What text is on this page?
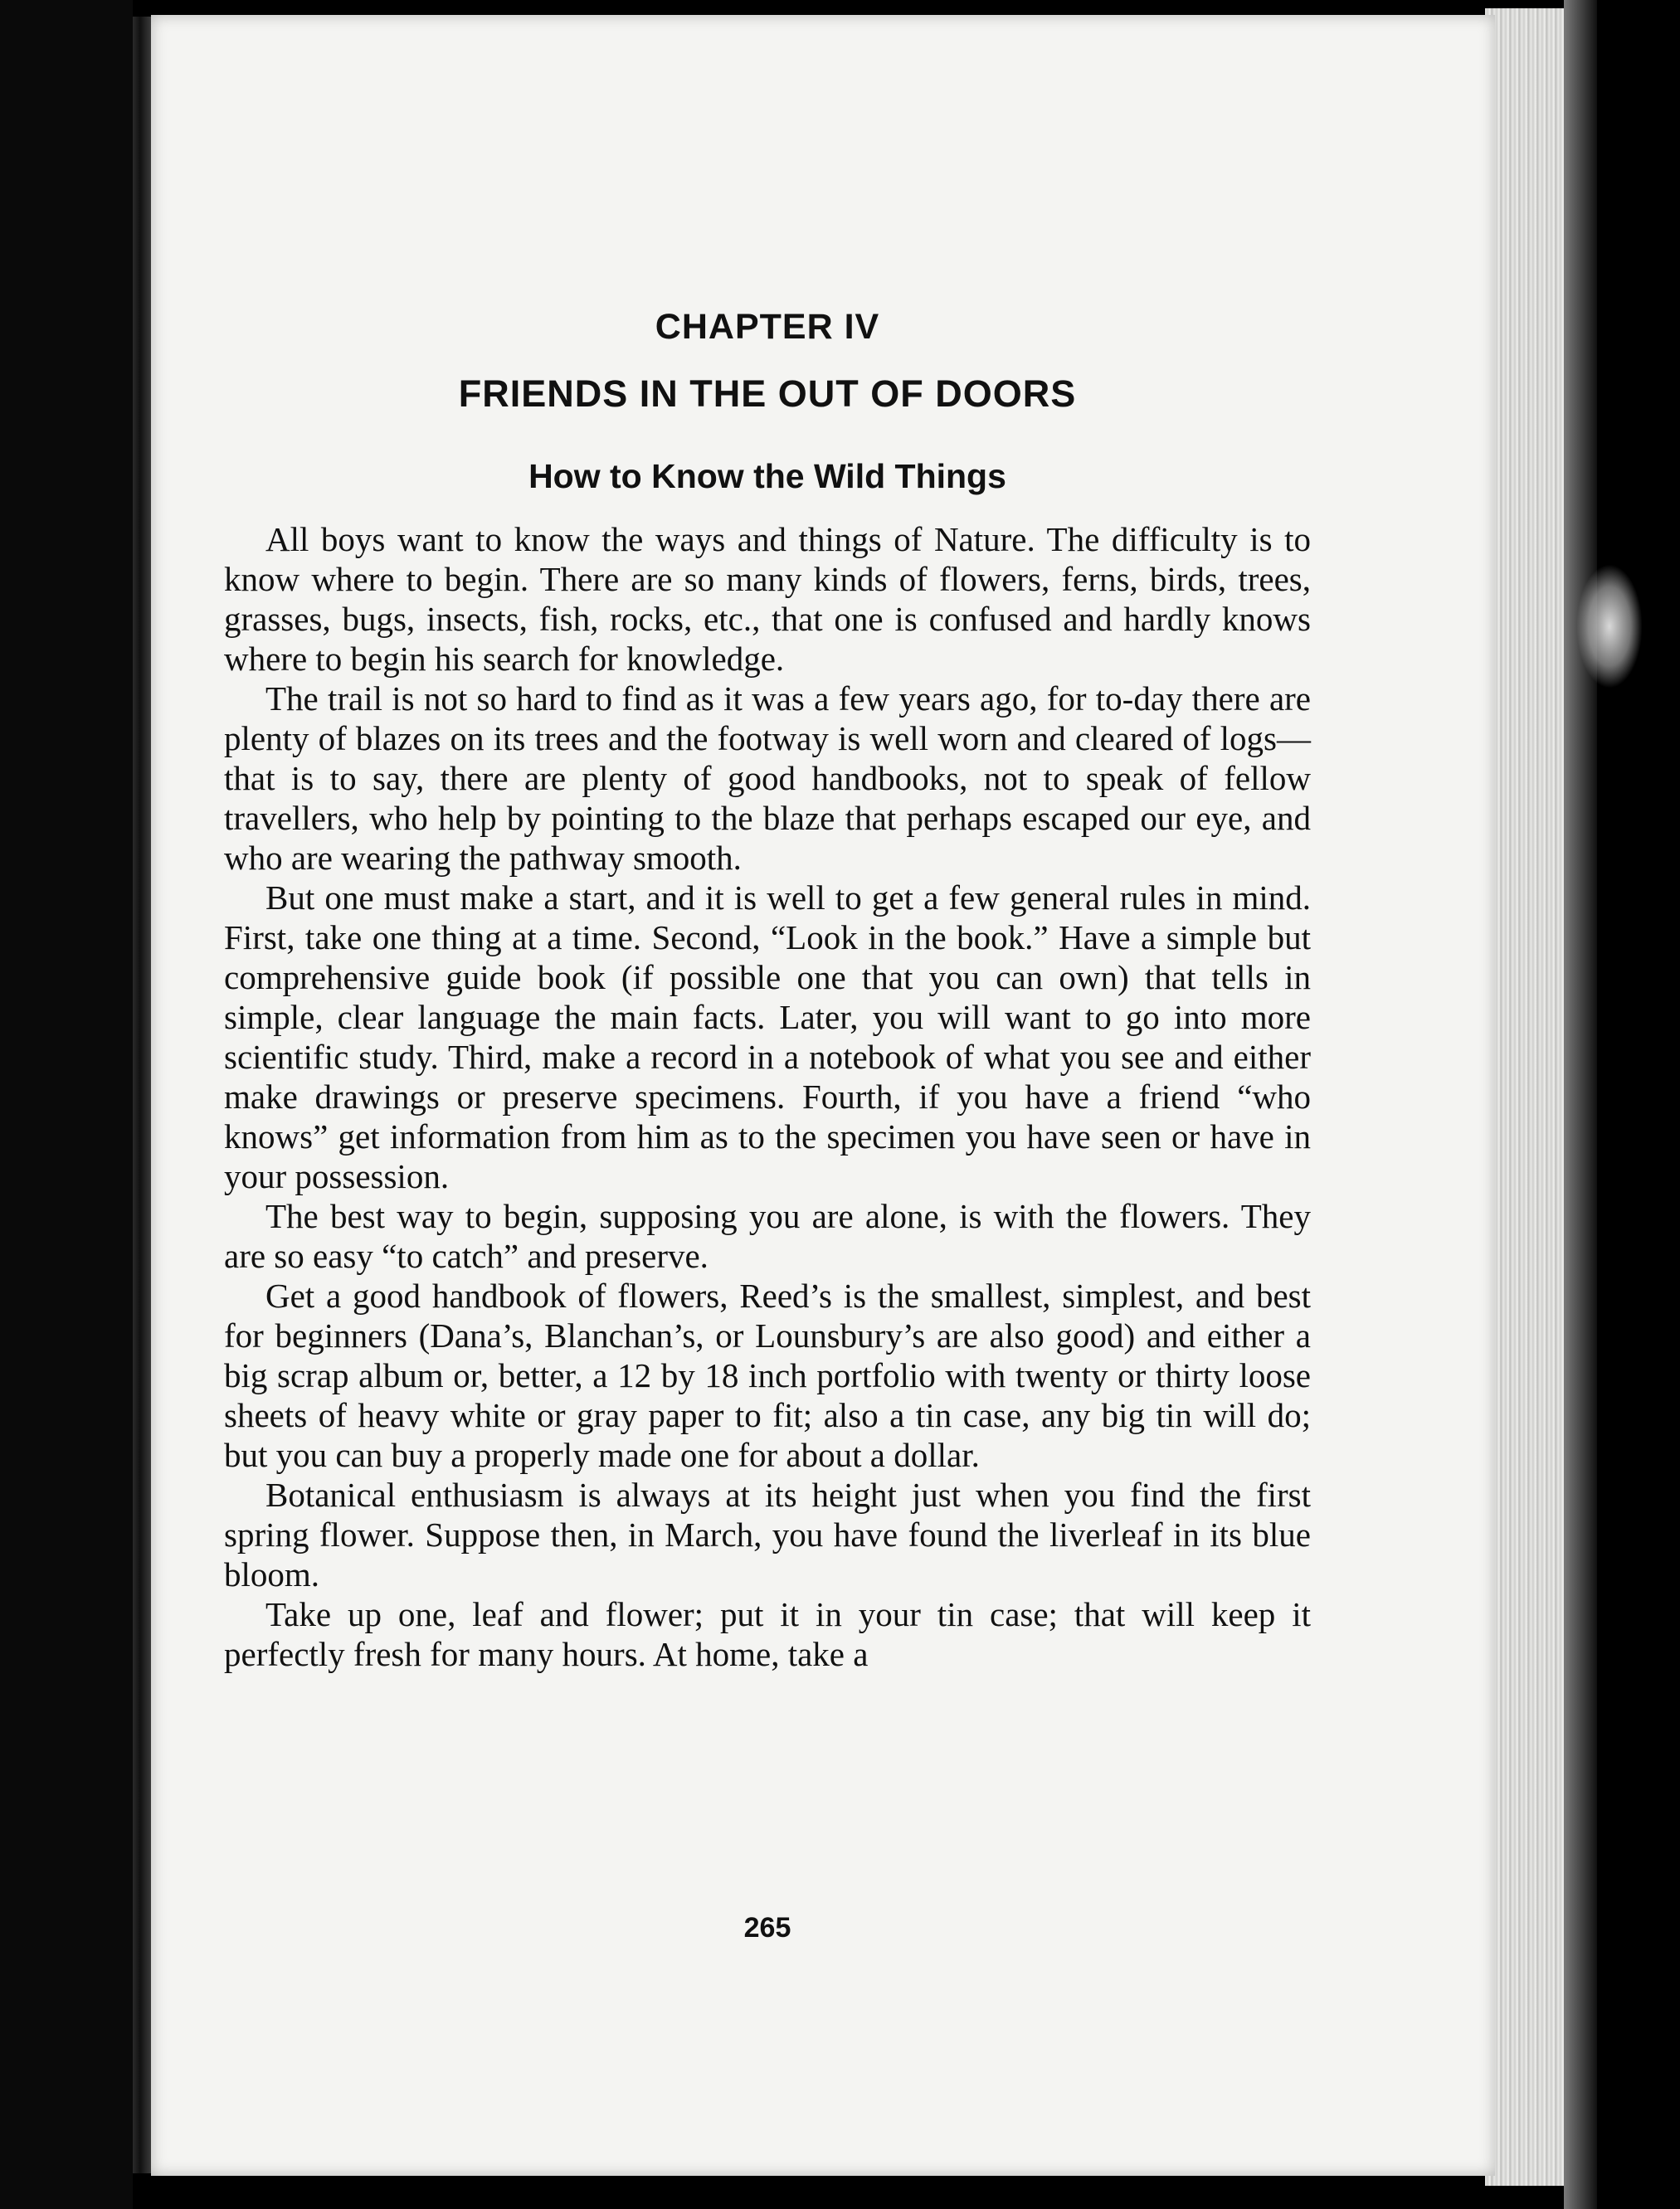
CHAPTER IV
FRIENDS IN THE OUT OF DOORS
How to Know the Wild Things

All boys want to know the ways and things of Nature. The difficulty is to know where to begin. There are so many kinds of flowers, ferns, birds, trees, grasses, bugs, insects, fish, rocks, etc., that one is confused and hardly knows where to begin his search for knowledge.

The trail is not so hard to find as it was a few years ago, for to-day there are plenty of blazes on its trees and the footway is well worn and cleared of logs—that is to say, there are plenty of good handbooks, not to speak of fellow travellers, who help by pointing to the blaze that perhaps escaped our eye, and who are wearing the pathway smooth.

But one must make a start, and it is well to get a few general rules in mind. First, take one thing at a time. Second, “Look in the book.” Have a simple but comprehensive guide book (if possible one that you can own) that tells in simple, clear language the main facts. Later, you will want to go into more scientific study. Third, make a record in a notebook of what you see and either make drawings or preserve specimens. Fourth, if you have a friend “who knows” get information from him as to the specimen you have seen or have in your possession.

The best way to begin, supposing you are alone, is with the flowers. They are so easy “to catch” and preserve.

Get a good handbook of flowers, Reed’s is the smallest, simplest, and best for beginners (Dana’s, Blanchan’s, or Lounsbury’s are also good) and either a big scrap album or, better, a 12 by 18 inch portfolio with twenty or thirty loose sheets of heavy white or gray paper to fit; also a tin case, any big tin will do; but you can buy a properly made one for about a dollar.

Botanical enthusiasm is always at its height just when you find the first spring flower. Suppose then, in March, you have found the liverleaf in its blue bloom.

Take up one, leaf and flower; put it in your tin case; that will keep it perfectly fresh for many hours. At home, take a

265
